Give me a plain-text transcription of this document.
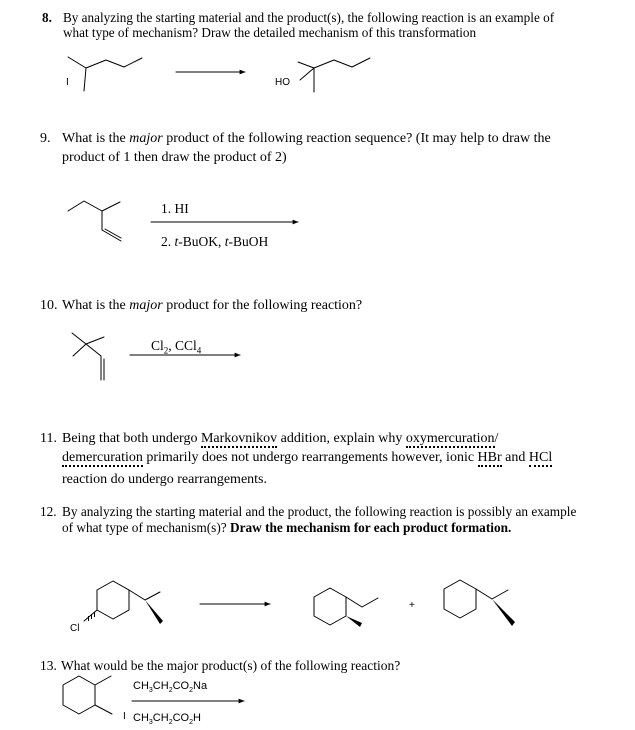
8. By analyzing the starting material and the product(s), the following reaction is an example of
what type of mechanism? Draw the detailed mechanism of this transformation
9. What is the major product of the following reaction sequence? (It may help to draw the
product of 1 then draw the product of 2)
10. What is the major product for the following reaction?
11. Being that both undergo Markovnikov addition, explain why oxymercuration/
demercuration primarily does not undergo rearrangements however, ionic HBr and HCl
reaction do undergo rearrangements.
12. By analyzing the starting material and the product, the following reaction is possibly an example
of what type of mechanism(s)? Draw the mechanism for each product formation.
13. What would be the major product(s) of the following reaction?
I	HO
1. HI
2. t-BuOK, t-BuOH
$Cl_2$, CCl$_4$
Cl
+
I
$CH_3CH_2CO_2Na$
$CH_3CH_2CO_2H$
